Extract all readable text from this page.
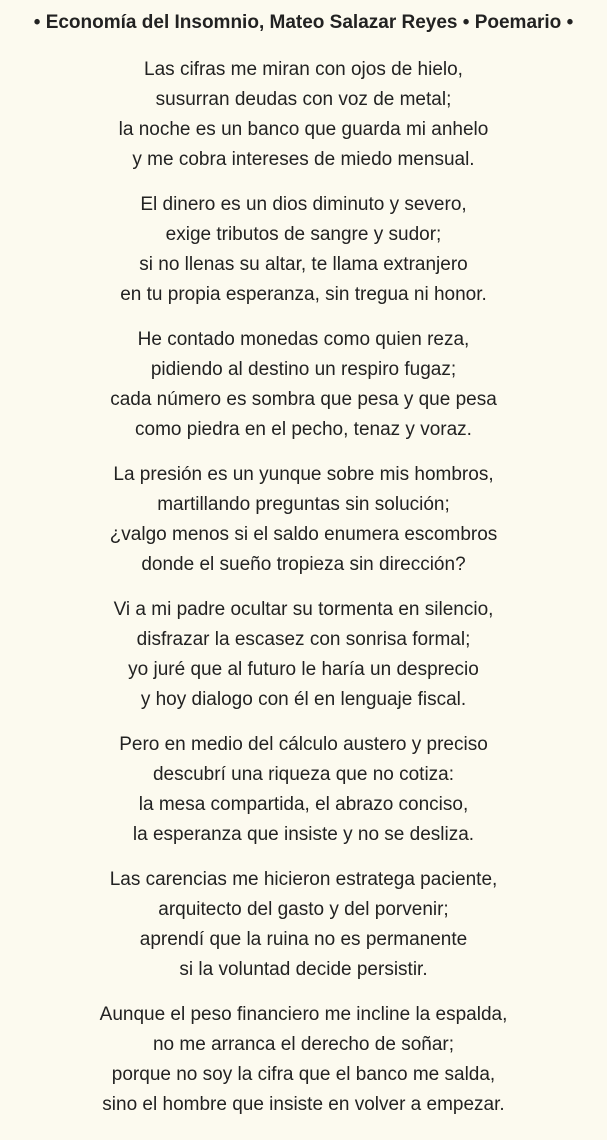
• Economía del Insomnio, Mateo Salazar Reyes • Poemario •
Las cifras me miran con ojos de hielo,
susurran deudas con voz de metal;
la noche es un banco que guarda mi anhelo
y me cobra intereses de miedo mensual.
El dinero es un dios diminuto y severo,
exige tributos de sangre y sudor;
si no llenas su altar, te llama extranjero
en tu propia esperanza, sin tregua ni honor.
He contado monedas como quien reza,
pidiendo al destino un respiro fugaz;
cada número es sombra que pesa y que pesa
como piedra en el pecho, tenaz y voraz.
La presión es un yunque sobre mis hombros,
martillando preguntas sin solución;
¿valgo menos si el saldo enumera escombros
donde el sueño tropieza sin dirección?
Vi a mi padre ocultar su tormenta en silencio,
disfrazar la escasez con sonrisa formal;
yo juré que al futuro le haría un desprecio
y hoy dialogo con él en lenguaje fiscal.
Pero en medio del cálculo austero y preciso
descubrí una riqueza que no cotiza:
la mesa compartida, el abrazo conciso,
la esperanza que insiste y no se desliza.
Las carencias me hicieron estratega paciente,
arquitecto del gasto y del porvenir;
aprendí que la ruina no es permanente
si la voluntad decide persistir.
Aunque el peso financiero me incline la espalda,
no me arranca el derecho de soñar;
porque no soy la cifra que el banco me salda,
sino el hombre que insiste en volver a empezar.
